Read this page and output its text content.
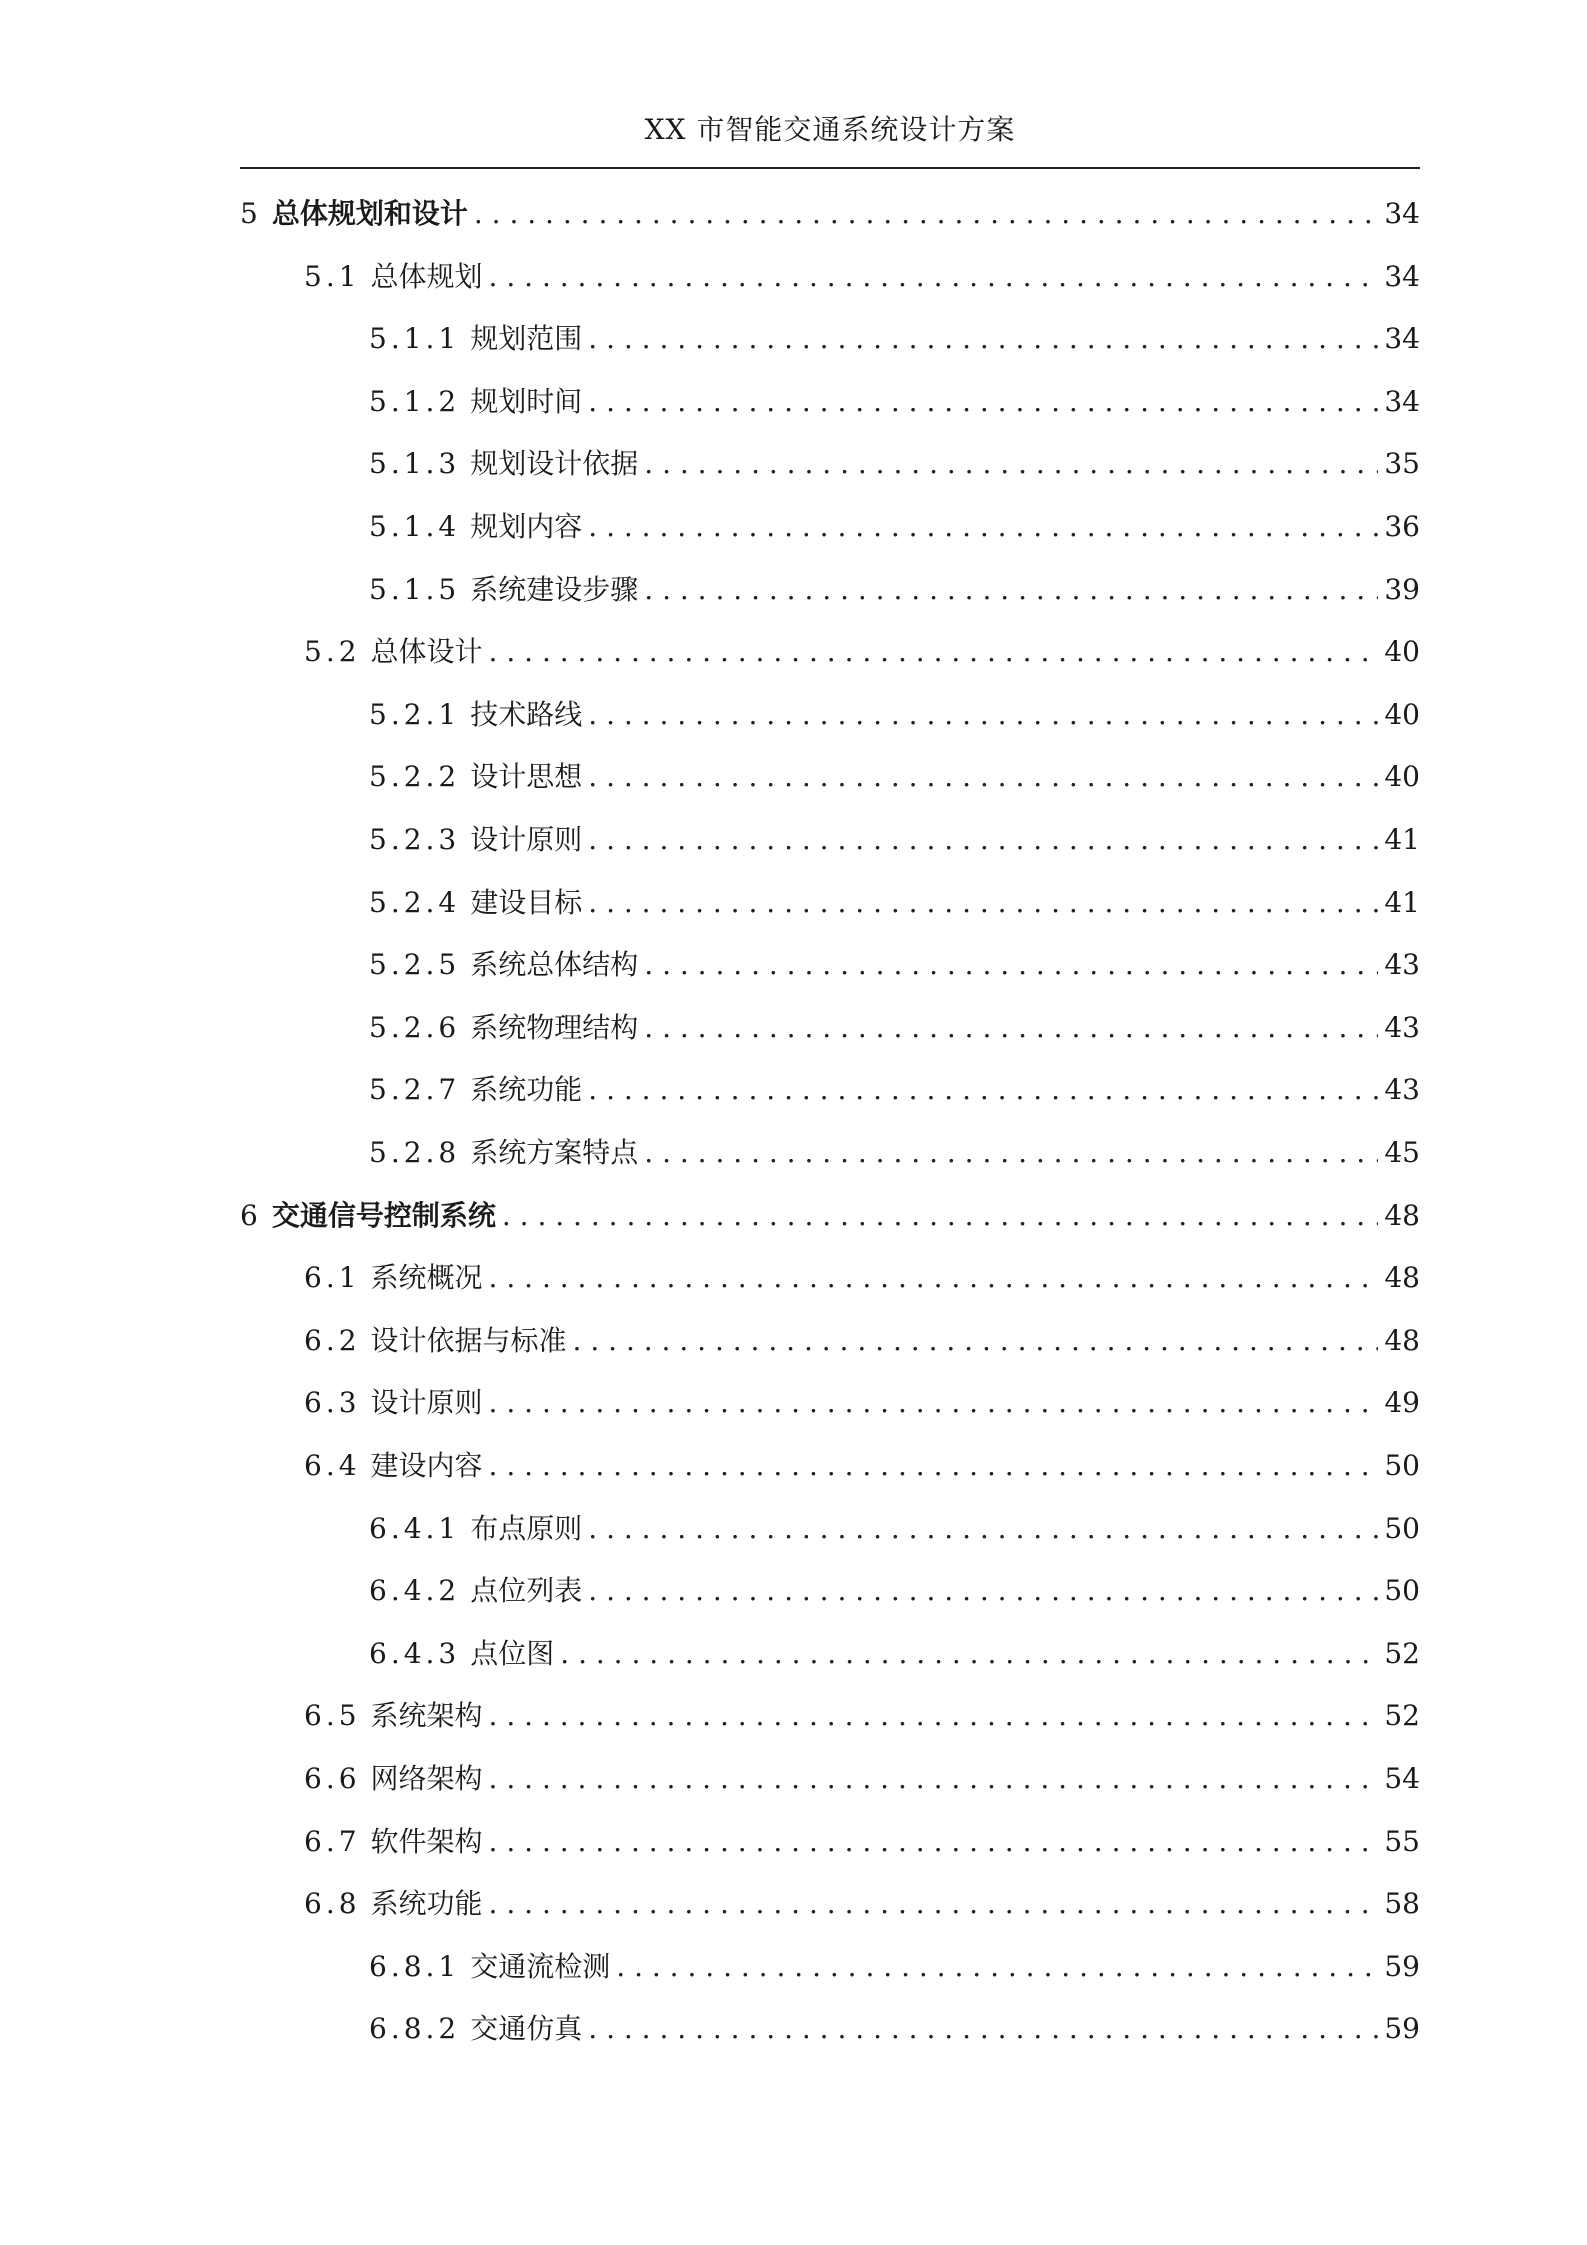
XX 市智能交通系统设计方案
5 总体规划和设计 . . .	34
5.1 总体规划 . . .	34
5.1.1 规划范围 . . .	34
5.1.2 规划时间 . . .	34
5.1.3 规划设计依据 . . .	35
5.1.4 规划内容 . . .	36
5.1.5 系统建设步骤 . . .	39
5.2 总体设计 . . .	40
5.2.1 技术路线 . . .	40
5.2.2 设计思想 . . .	40
5.2.3 设计原则 . . .	41
5.2.4 建设目标 . . .	41
5.2.5 系统总体结构 . . .	43
5.2.6 系统物理结构 . . .	43
5.2.7 系统功能 . . .	43
5.2.8 系统方案特点 . . .	45
6 交通信号控制系统 . . .	48
6.1 系统概况 . . .	48
6.2 设计依据与标准 . . .	48
6.3 设计原则 . . .	49
6.4 建设内容 . . .	50
6.4.1 布点原则 . . .	50
6.4.2 点位列表 . . .	50
6.4.3 点位图 . . .	52
6.5 系统架构 . . .	52
6.6 网络架构 . . .	54
6.7 软件架构 . . .	55
6.8 系统功能 . . .	58
6.8.1 交通流检测 . . .	59
6.8.2 交通仿真 . . .	59
